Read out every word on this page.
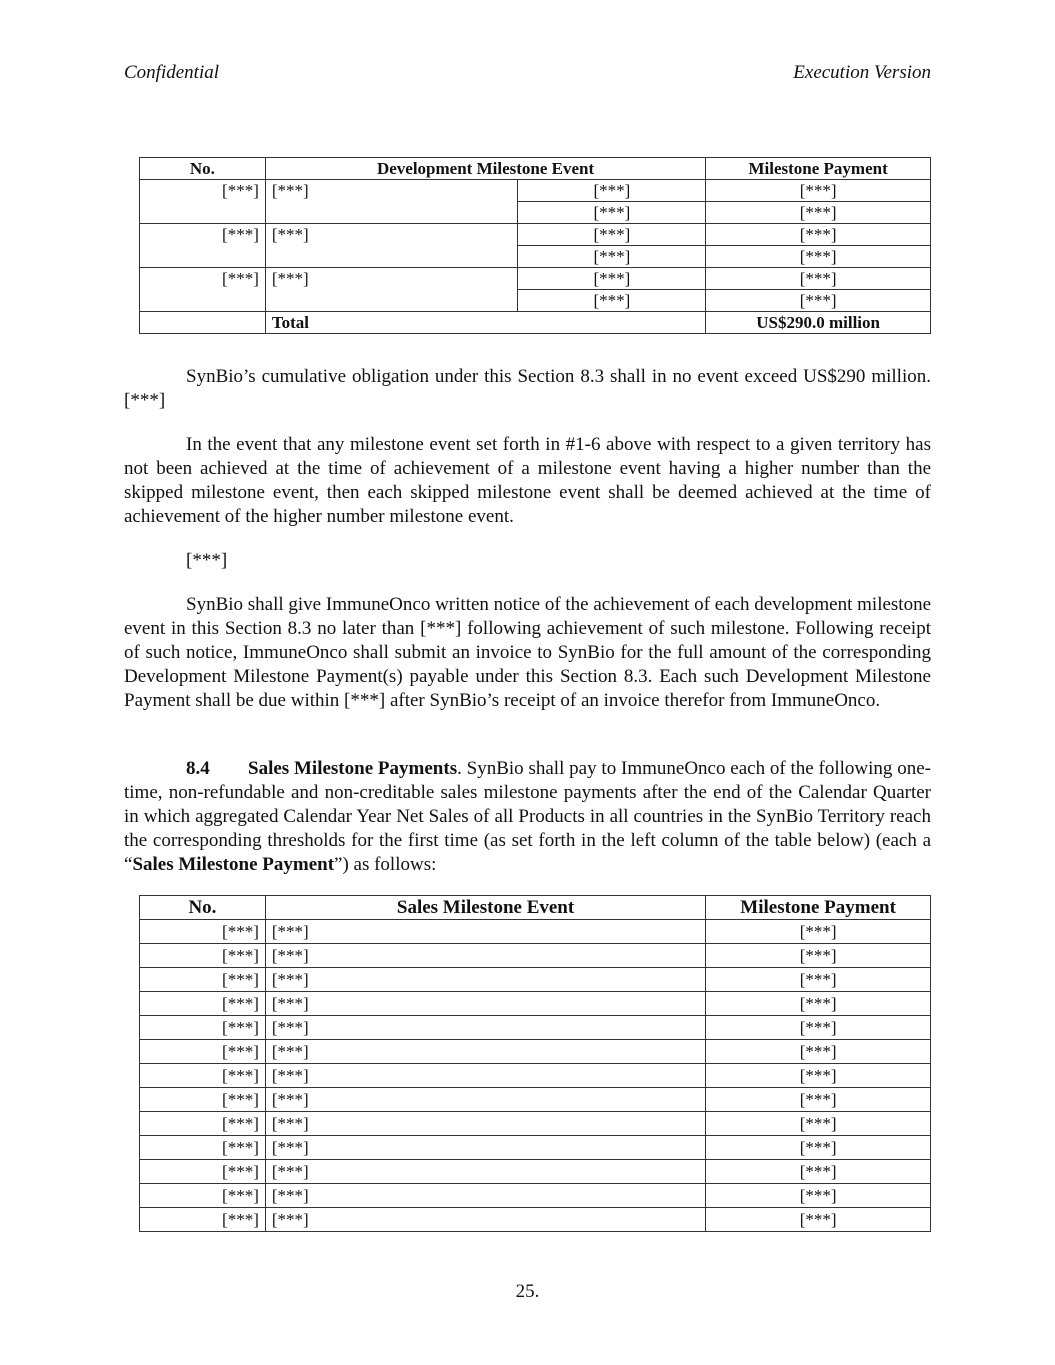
Confidential	Execution Version
No.	Development Milestone Event		Milestone Payment
[***]	[***]	[***]	[***]
		[***]	[***]
[***]	[***]	[***]	[***]
		[***]	[***]
[***]	[***]	[***]	[***]
		[***]	[***]
	Total		US$290.0 million

SynBio’s cumulative obligation under this Section 8.3 shall in no event exceed US$290 million. [***]

In the event that any milestone event set forth in #1-6 above with respect to a given territory has not been achieved at the time of achievement of a milestone event having a higher number than the skipped milestone event, then each skipped milestone event shall be deemed achieved at the time of achievement of the higher number milestone event.

[***]

SynBio shall give ImmuneOnco written notice of the achievement of each development milestone event in this Section 8.3 no later than [***] following achievement of such milestone. Following receipt of such notice, ImmuneOnco shall submit an invoice to SynBio for the full amount of the corresponding Development Milestone Payment(s) payable under this Section 8.3. Each such Development Milestone Payment shall be due within [***] after SynBio’s receipt of an invoice therefor from ImmuneOnco.

8.4 Sales Milestone Payments. SynBio shall pay to ImmuneOnco each of the following one-time, non-refundable and non-creditable sales milestone payments after the end of the Calendar Quarter in which aggregated Calendar Year Net Sales of all Products in all countries in the SynBio Territory reach the corresponding thresholds for the first time (as set forth in the left column of the table below) (each a “Sales Milestone Payment”) as follows:

No.	Sales Milestone Event	Milestone Payment
[***]	[***]	[***]
[***]	[***]	[***]
[***]	[***]	[***]
[***]	[***]	[***]
[***]	[***]	[***]
[***]	[***]	[***]
[***]	[***]	[***]
[***]	[***]	[***]
[***]	[***]	[***]
[***]	[***]	[***]
[***]	[***]	[***]
[***]	[***]	[***]
[***]	[***]	[***]
25.
